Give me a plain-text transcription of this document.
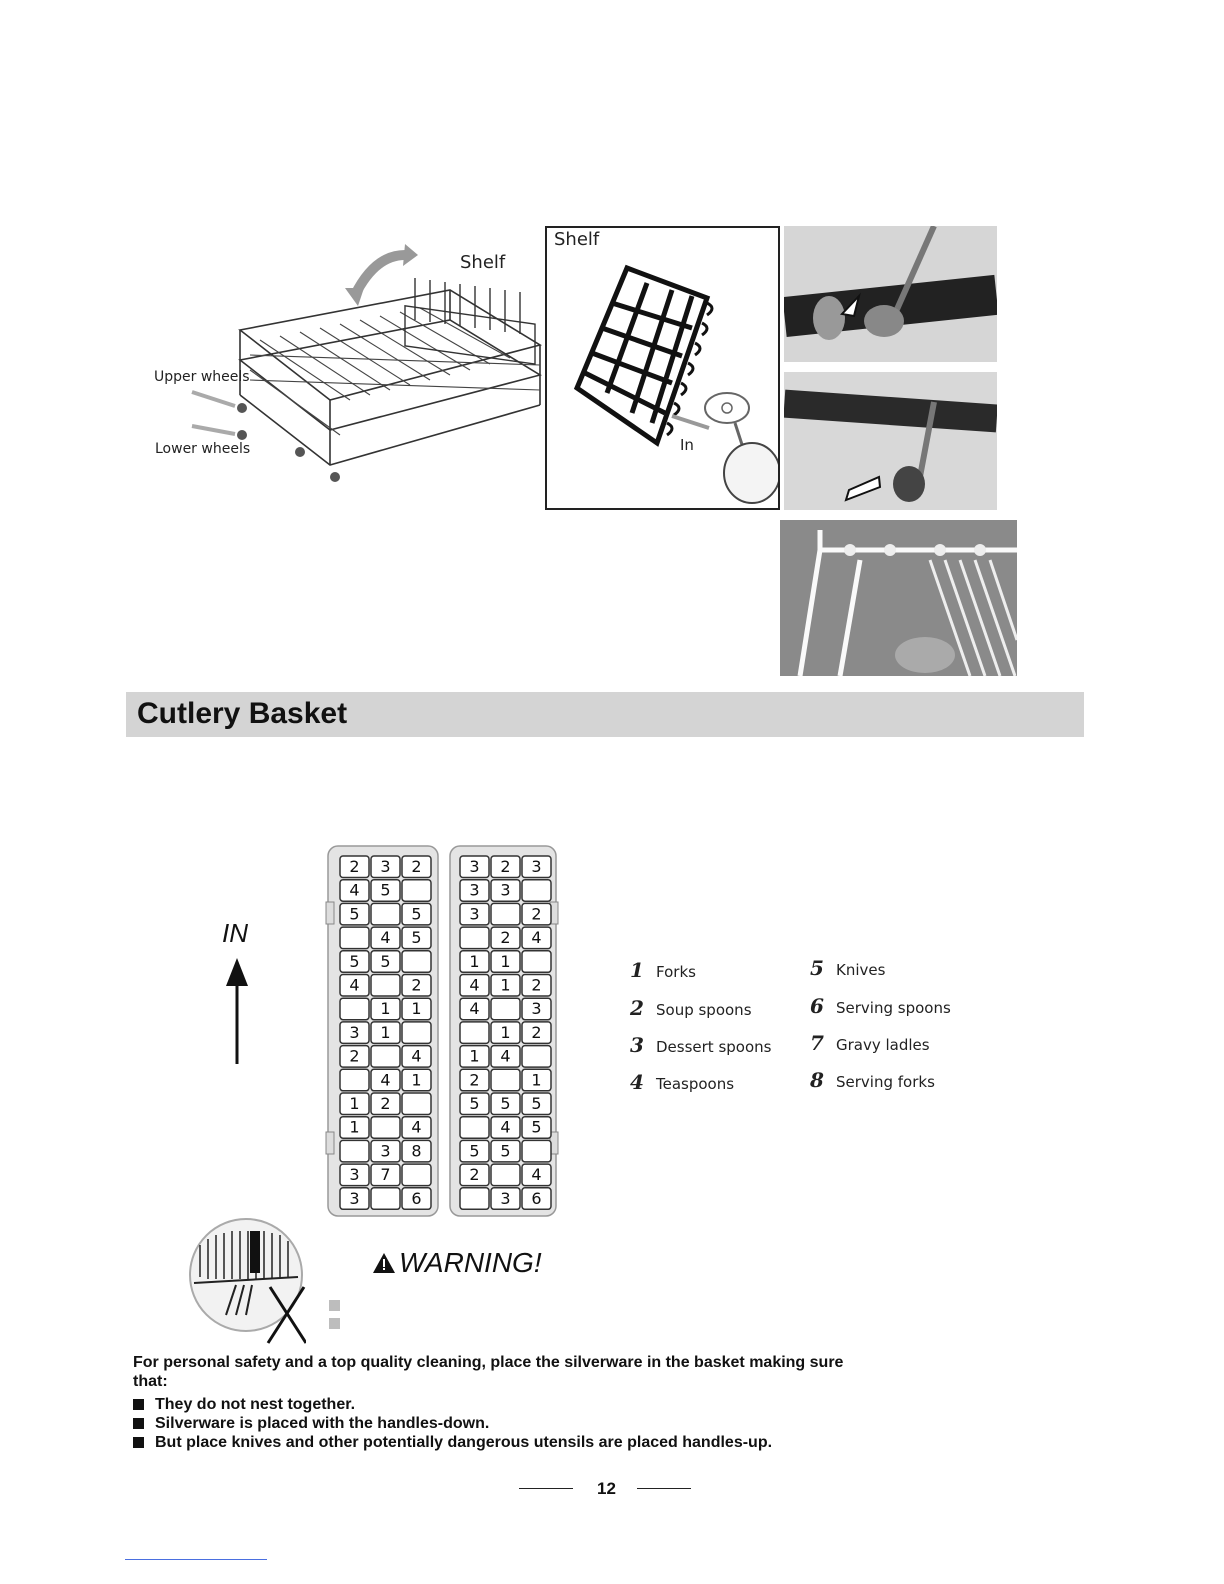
Shelf
Upper wheels
Lower wheels
Shelf
In
Cutlery Basket
IN
2 3 2
4 5
5
5
4 5
5 5
2
4
1 1
3 1
4
2
4 1
1 2
4
1
3 8
3 7
6
3
3 2 3
3 3
2
3
2 4
1 1
2
4 1
3
4
1 2
1 4
1
2
5 5
5
4 5
5 5
4
2
3 6
1 Forks
2 Soup spoons
3 Dessert spoons
4 Teaspoons
5 Knives
6 Serving spoons
7 Gravy ladles
8 Serving forks
WARNING!
For personal safety and a top quality cleaning, place the silverware in the basket making sure that:
They do not nest together.
Silverware is placed with the handles-down.
But place knives and other potentially dangerous utensils are placed handles-up.
12
